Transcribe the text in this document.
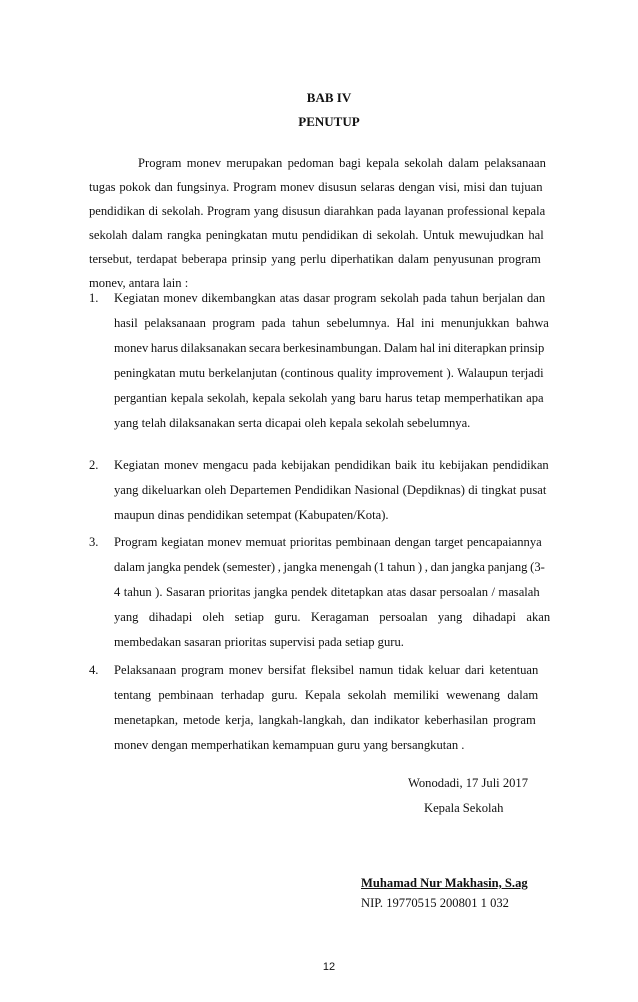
BAB IV
PENUTUP
Program monev merupakan pedoman bagi kepala sekolah dalam pelaksanaan
tugas pokok dan fungsinya. Program monev disusun selaras dengan visi, misi dan tujuan
pendidikan di sekolah. Program yang disusun diarahkan pada layanan professional kepala
sekolah dalam rangka peningkatan mutu pendidikan di sekolah. Untuk mewujudkan hal
tersebut, terdapat beberapa prinsip yang perlu diperhatikan dalam penyusunan program
monev, antara lain :
1. Kegiatan monev dikembangkan atas dasar program sekolah pada tahun berjalan dan
hasil pelaksanaan program pada tahun sebelumnya. Hal ini menunjukkan bahwa
monev harus dilaksanakan secara berkesinambungan. Dalam hal ini diterapkan prinsip
peningkatan mutu berkelanjutan (continous quality improvement ). Walaupun terjadi
pergantian kepala sekolah, kepala sekolah yang baru harus tetap memperhatikan apa
yang telah dilaksanakan serta dicapai oleh kepala sekolah sebelumnya.
2. Kegiatan monev mengacu pada kebijakan pendidikan baik itu kebijakan pendidikan
yang dikeluarkan oleh Departemen Pendidikan Nasional (Depdiknas) di tingkat pusat
maupun dinas pendidikan setempat (Kabupaten/Kota).
3. Program kegiatan monev memuat prioritas pembinaan dengan target pencapaiannya
dalam jangka pendek (semester) , jangka menengah (1 tahun ) , dan jangka panjang (3-
4 tahun ). Sasaran prioritas jangka pendek ditetapkan atas dasar persoalan / masalah
yang dihadapi oleh setiap guru. Keragaman persoalan yang dihadapi akan
membedakan sasaran prioritas supervisi pada setiap guru.
4. Pelaksanaan program monev bersifat fleksibel namun tidak keluar dari ketentuan
tentang pembinaan terhadap guru. Kepala sekolah memiliki wewenang dalam
menetapkan, metode kerja, langkah-langkah, dan indikator keberhasilan program
monev dengan memperhatikan kemampuan guru yang bersangkutan .
Wonodadi, 17 Juli 2017
Kepala Sekolah
Muhamad Nur Makhasin, S.ag
NIP. 19770515 200801 1 032
12
